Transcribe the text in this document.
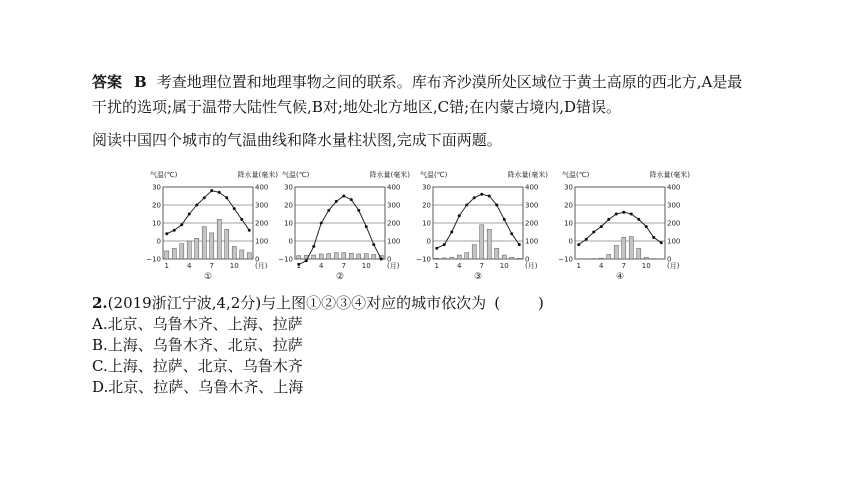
答案 B 考查地理位置和地理事物之间的联系。库布齐沙漠所处区域位于黄土高原的西北方,A是最
干扰的选项;属于温带大陆性气候,B对;地处北方地区,C错;在内蒙古境内,D错误。
阅读中国四个城市的气温曲线和降水量柱状图,完成下面两题。
气温(℃)	降水量(毫米)
30
20
10
0
−10
400
300
200
100
0
1	4	7 10 (月)
①
气温(℃)	降水量(毫米)
30
20
10
0
−10
400
300
200
100
0
1	4	7 10 (月)
②
气温(℃)	降水量(毫米)
30
20
10
0
−10
400
300
200
100
0
1	4	7 10 (月)
③
气温(℃)	降水量(毫米)
30
20
10
0
−10
400
300
200
100
0
1	4	7 10 (月)
④
2.(2019浙江宁波,4,2分)与上图①②③④对应的城市依次为 (	)
A.北京、乌鲁木齐、上海、拉萨
B.上海、乌鲁木齐、北京、拉萨
C.上海、拉萨、北京、乌鲁木齐
D.北京、拉萨、乌鲁木齐、上海
